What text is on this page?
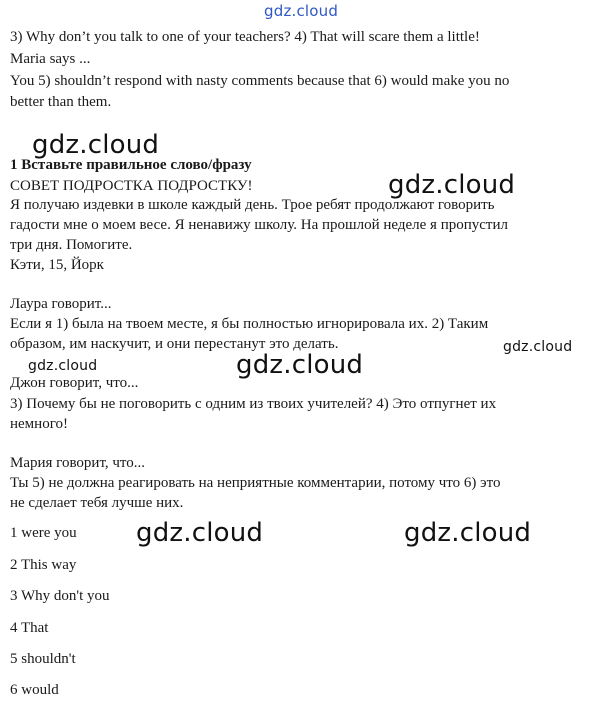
gdz.cloud
gdz.cloud
gdz.cloud
gdz.cloud
gdz.cloud	gdz.cloud
gdz.cloud	gdz.cloud
3) Why don’t you talk to one of your teachers? 4) That will scare them a little!
Maria says ...
You 5) shouldn’t respond with nasty comments because that 6) would make you no
better than them.
1 Вставьте правильное слово/фразу
СОВЕТ ПОДРОСТКА ПОДРОСТКУ!
Я получаю издевки в школе каждый день. Трое ребят продолжают говорить
гадости мне о моем весе. Я ненавижу школу. На прошлой неделе я пропустил
три дня. Помогите.
Кэти, 15, Йорк
Лаура говорит...
Если я 1) была на твоем месте, я бы полностью игнорировала их. 2) Таким
образом, им наскучит, и они перестанут это делать.
Джон говорит, что...
3) Почему бы не поговорить с одним из твоих учителей? 4) Это отпугнет их
немного!
Мария говорит, что...
Ты 5) не должна реагировать на неприятные комментарии, потому что 6) это
не сделает тебя лучше них.
1 were you
2 This way
3 Why don't you
4 That
5 shouldn't
6 would
